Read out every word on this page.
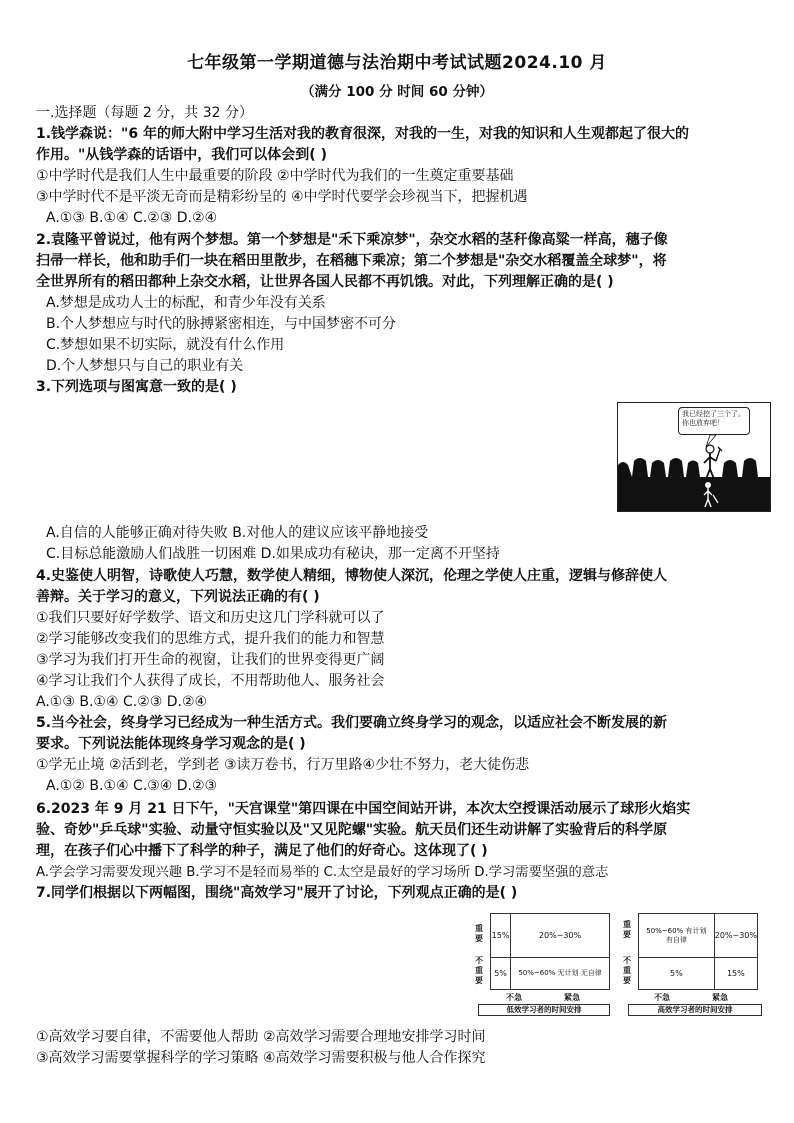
七年级第一学期道德与法治期中考试试题2024.10 月
（满分 100 分 时间 60 分钟）
一.选择题（每题 2 分，共 32 分）
1.钱学森说："6 年的师大附中学习生活对我的教育很深，对我的一生，对我的知识和人生观都起了很大的
作用。"从钱学森的话语中，我们可以体会到( )
①中学时代是我们人生中最重要的阶段 ②中学时代为我们的一生奠定重要基础
③中学时代不是平淡无奇而是精彩纷呈的 ④中学时代要学会珍视当下，把握机遇
A.①③ B.①④ C.②③ D.②④
2.袁隆平曾说过，他有两个梦想。第一个梦想是"禾下乘凉梦"，杂交水稻的茎秆像高粱一样高，穗子像
扫帚一样长，他和助手们一块在稻田里散步，在稻穗下乘凉；第二个梦想是"杂交水稻覆盖全球梦"，将
全世界所有的稻田都种上杂交水稻，让世界各国人民都不再饥饿。对此，下列理解正确的是( )
A.梦想是成功人士的标配，和青少年没有关系
B.个人梦想应与时代的脉搏紧密相连，与中国梦密不可分
C.梦想如果不切实际，就没有什么作用
D.个人梦想只与自己的职业有关
3.下列选项与图寓意一致的是( )
我已经挖了三个了。你也放弃吧！
A.自信的人能够正确对待失败 B.对他人的建议应该平静地接受
C.目标总能激励人们战胜一切困难 D.如果成功有秘诀，那一定离不开坚持
4.史鉴使人明智，诗歌使人巧慧，数学使人精细，博物使人深沉，伦理之学使人庄重，逻辑与修辞使人
善辩。关于学习的意义，下列说法正确的有( )
①我们只要好好学数学、语文和历史这几门学科就可以了
②学习能够改变我们的思维方式，提升我们的能力和智慧
③学习为我们打开生命的视窗，让我们的世界变得更广阔
④学习让我们个人获得了成长，不用帮助他人、服务社会
A.①③ B.①④ C.②③ D.②④
5.当今社会，终身学习已经成为一种生活方式。我们要确立终身学习的观念，以适应社会不断发展的新
要求。下列说法能体现终身学习观念的是( )
①学无止境 ②活到老，学到老 ③读万卷书，行万里路④少壮不努力，老大徒伤悲
A.①② B.①④ C.③④ D.②③
6.2023 年 9 月 21 日下午，"天宫课堂"第四课在中国空间站开讲，本次太空授课活动展示了球形火焰实
验、奇妙"乒乓球"实验、动量守恒实验以及"又见陀螺"实验。航天员们还生动讲解了实验背后的科学原
理，在孩子们心中播下了科学的种子，满足了他们的好奇心。这体现了( )
A.学会学习需要发现兴趣 B.学习不是轻而易举的 C.太空是最好的学习场所 D.学习需要坚强的意志
7.同学们根据以下两幅图，围绕"高效学习"展开了讨论，下列观点正确的是( )
重要
不重要
15%	20%~30%
5%	50%~60% 无计划 无自律
不急	紧急
低效学习者的时间安排
重要
不重要
50%~60% 有计划 有自律	20%~30%
5%	15%
不急	紧急
高效学习者的时间安排
①高效学习要自律，不需要他人帮助 ②高效学习需要合理地安排学习时间
③高效学习需要掌握科学的学习策略 ④高效学习需要积极与他人合作探究
